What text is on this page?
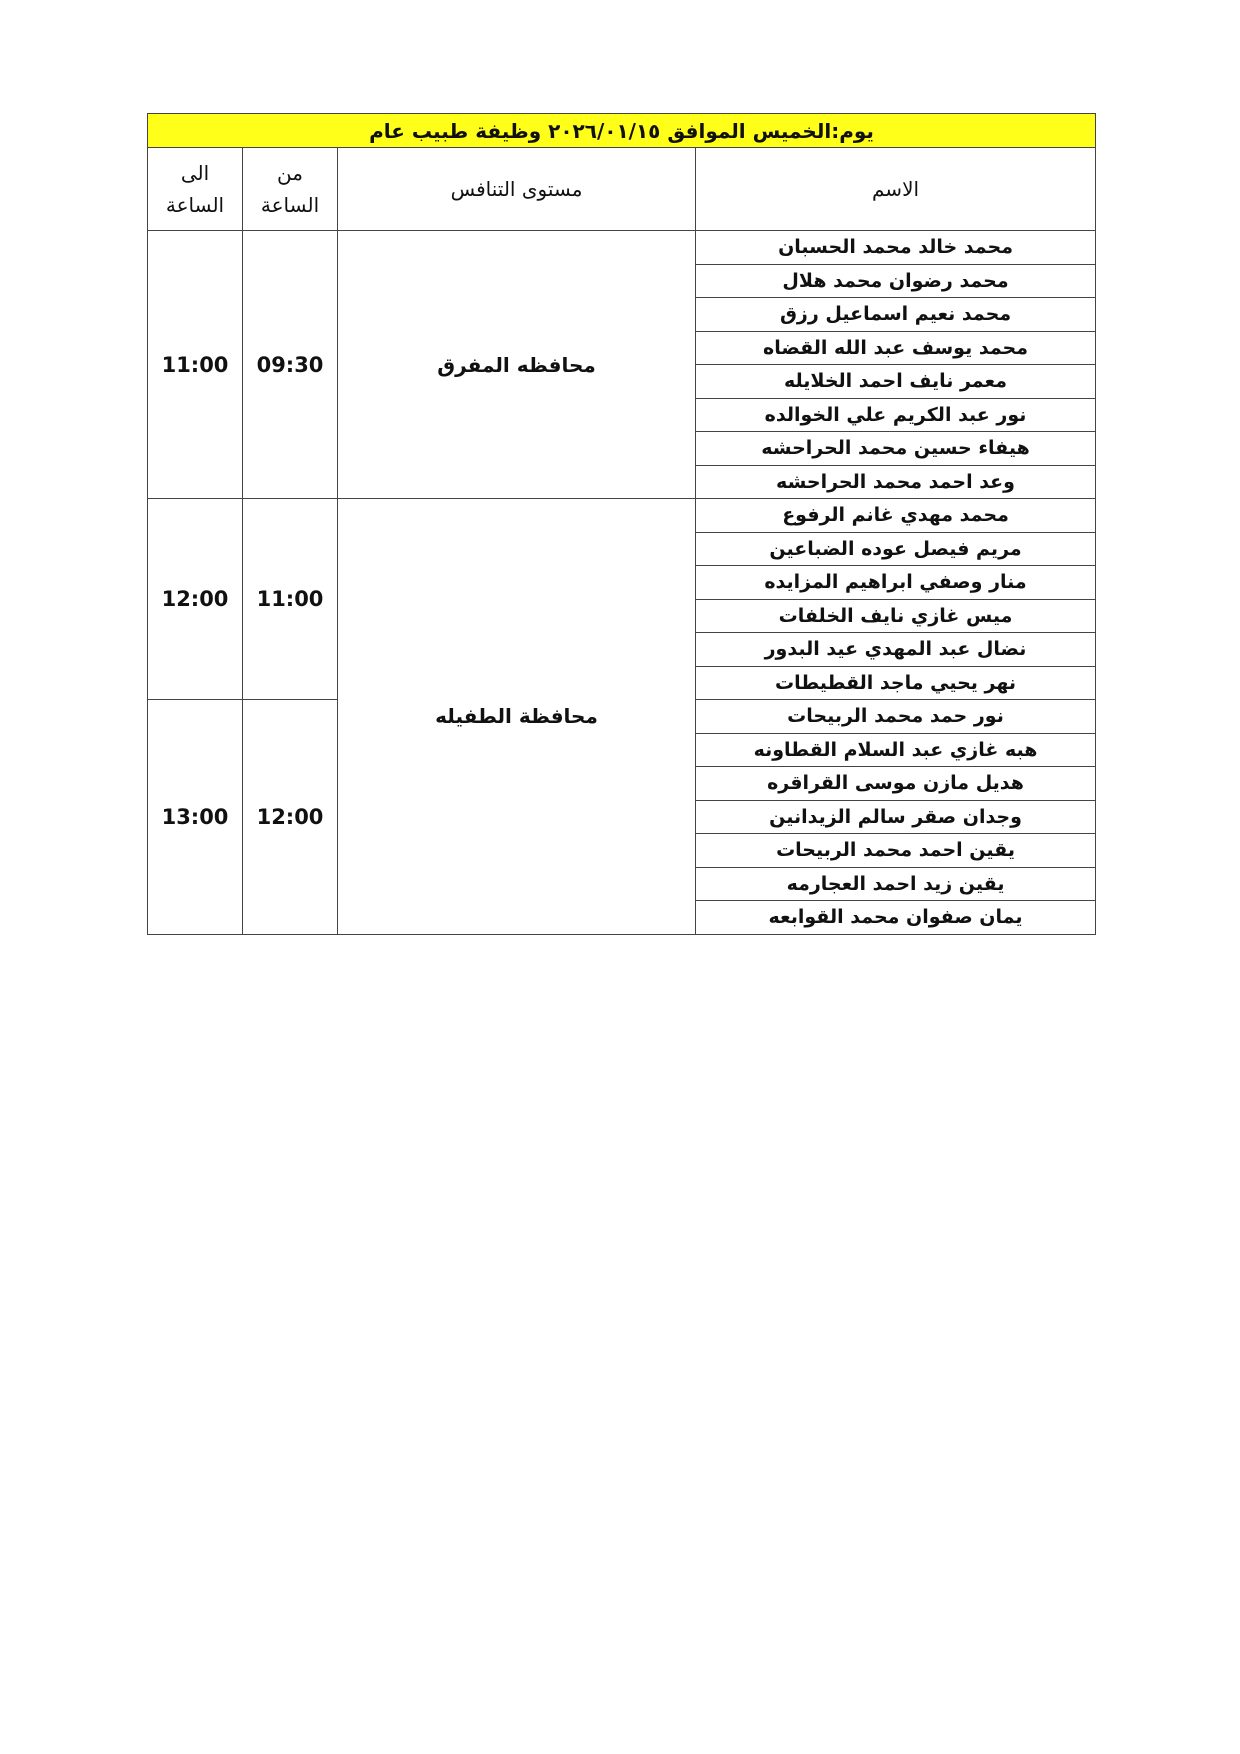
يوم:الخميس الموافق ٢٠٢٦/٠١/١٥ وظيفة طبيب عام
الاسم	مستوى التنافس	من
الساعة	الى
الساعة
محمد خالد محمد الحسبان	محافظه المفرق	09:30	11:00
محمد رضوان محمد هلال
محمد نعيم اسماعيل رزق
محمد يوسف عبد الله القضاه
معمر نايف احمد الخلايله
نور عبد الكريم علي الخوالده
هيفاء حسين محمد الحراحشه
وعد احمد محمد الحراحشه
محمد مهدي غانم الرفوع	محافظة الطفيله	11:00	12:00
مريم فيصل عوده الضباعين
منار وصفي ابراهيم المزايده
ميس غازي نايف الخلفات
نضال عبد المهدي عيد البدور
نهر يحيي ماجد القطيطات
نور حمد محمد الربيحات	12:00	13:00
هبه غازي عبد السلام القطاونه
هديل مازن موسى القراقره
وجدان صقر سالم الزيدانين
يقين احمد محمد الربيحات
يقين زيد احمد العجارمه
يمان صفوان محمد القوابعه
